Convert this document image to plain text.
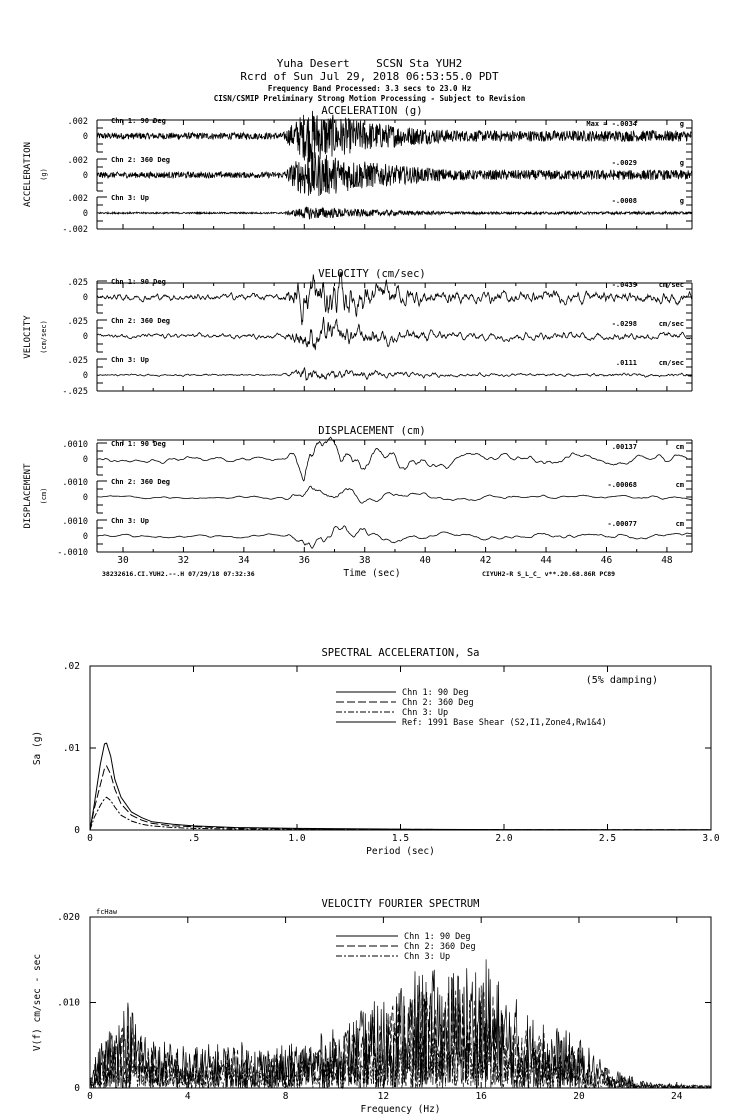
Yuha Desert    SCSN Sta YUH2
Rcrd of Sun Jul 29, 2018 06:53:55.0 PDT
Frequency Band Processed: 3.3 secs to 23.0 Hz
CISN/CSMIP Preliminary Strong Motion Processing - Subject to Revision
ACCELERATION (g)
ACCELERATION (g)
.002
0
Chn 1: 90 Deg	Max = -.0034	g
.002
0
Chn 2: 360 Deg	-.0029	g
.002
0
Chn 3: Up	-.0008	g
-.002
VELOCITY (cm/sec)
VELOCITY (cm/sec)
.025
0
Chn 1: 90 Deg	-.0439	cm/sec
.025
0
Chn 2: 360 Deg	-.0298	cm/sec
.025
0
Chn 3: Up	.0111	cm/sec
-.025
DISPLACEMENT (cm)
DISPLACEMENT (cm)
.0010
0
Chn 1: 90 Deg	.00137	cm
.0010
0
Chn 2: 360 Deg	-.00068	cm
.0010
0
Chn 3: Up	-.00077	cm
-.0010
30	32	34	36	38	40	42	44	46	48
Time (sec)
38232616.CI.YUH2.--.H 07/29/18 07:32:36	CIYUH2-R S_L_C_ v**.20.68.86R PC89
SPECTRAL ACCELERATION, Sa
0	.5	1.0	1.5	2.0	2.5	3.0
0
.01
.02
Period (sec)
Sa (g)
Chn 1: 90 Deg
Chn 2: 360 Deg
Chn 3: Up
Ref: 1991 Base Shear (S2,I1,Zone4,Rw1&4)
(5% damping)
VELOCITY FOURIER SPECTRUM
0	4	8	12	16	20	24
0
.010
.020
Frequency (Hz)
V(f) cm/sec - sec
Chn 1: 90 Deg
Chn 2: 360 Deg
Chn 3: Up
fcHaw
